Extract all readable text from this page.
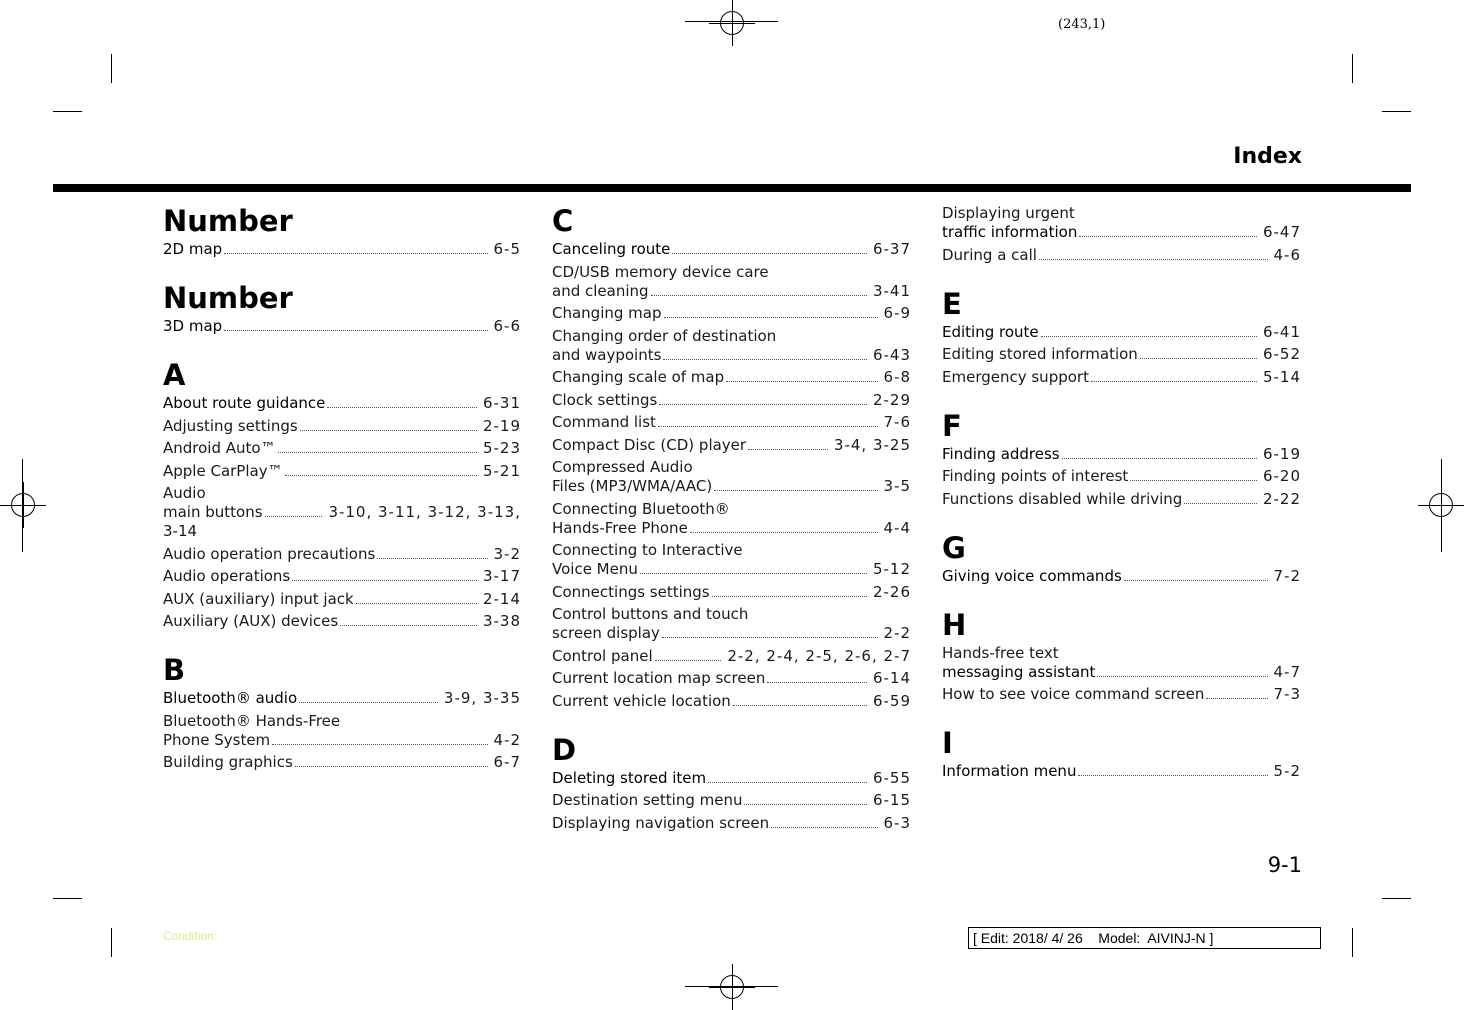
(243,1)
Index
Number
2D map	6-5
Number
3D map	6-6
A
About route guidance	6-31
Adjusting settings	2-19
Android Auto™	5-23
Apple CarPlay™	5-21
Audio
main buttons	3-10, 3-11, 3-12, 3-13,
3-14
Audio operation precautions	3-2
Audio operations	3-17
AUX (auxiliary) input jack	2-14
Auxiliary (AUX) devices	3-38
B
Bluetooth® audio	3-9, 3-35
Bluetooth® Hands-Free
Phone System	4-2
Building graphics	6-7
C
Canceling route	6-37
CD/USB memory device care
and cleaning	3-41
Changing map	6-9
Changing order of destination
and waypoints	6-43
Changing scale of map	6-8
Clock settings	2-29
Command list	7-6
Compact Disc (CD) player	3-4, 3-25
Compressed Audio
Files (MP3/WMA/AAC)	3-5
Connecting Bluetooth®
Hands-Free Phone	4-4
Connecting to Interactive
Voice Menu	5-12
Connectings settings	2-26
Control buttons and touch
screen display	2-2
Control panel	2-2, 2-4, 2-5, 2-6, 2-7
Current location map screen	6-14
Current vehicle location	6-59
D
Deleting stored item	6-55
Destination setting menu	6-15
Displaying navigation screen	6-3
Displaying urgent
traffic information	6-47
During a call	4-6
E
Editing route	6-41
Editing stored information	6-52
Emergency support	5-14
F
Finding address	6-19
Finding points of interest	6-20
Functions disabled while driving	2-22
G
Giving voice commands	7-2
H
Hands-free text
messaging assistant	4-7
How to see voice command screen	7-3
I
Information menu	5-2
9-1
Condition:	[ Edit: 2018/ 4/ 26    Model:  AIVINJ-N ]
